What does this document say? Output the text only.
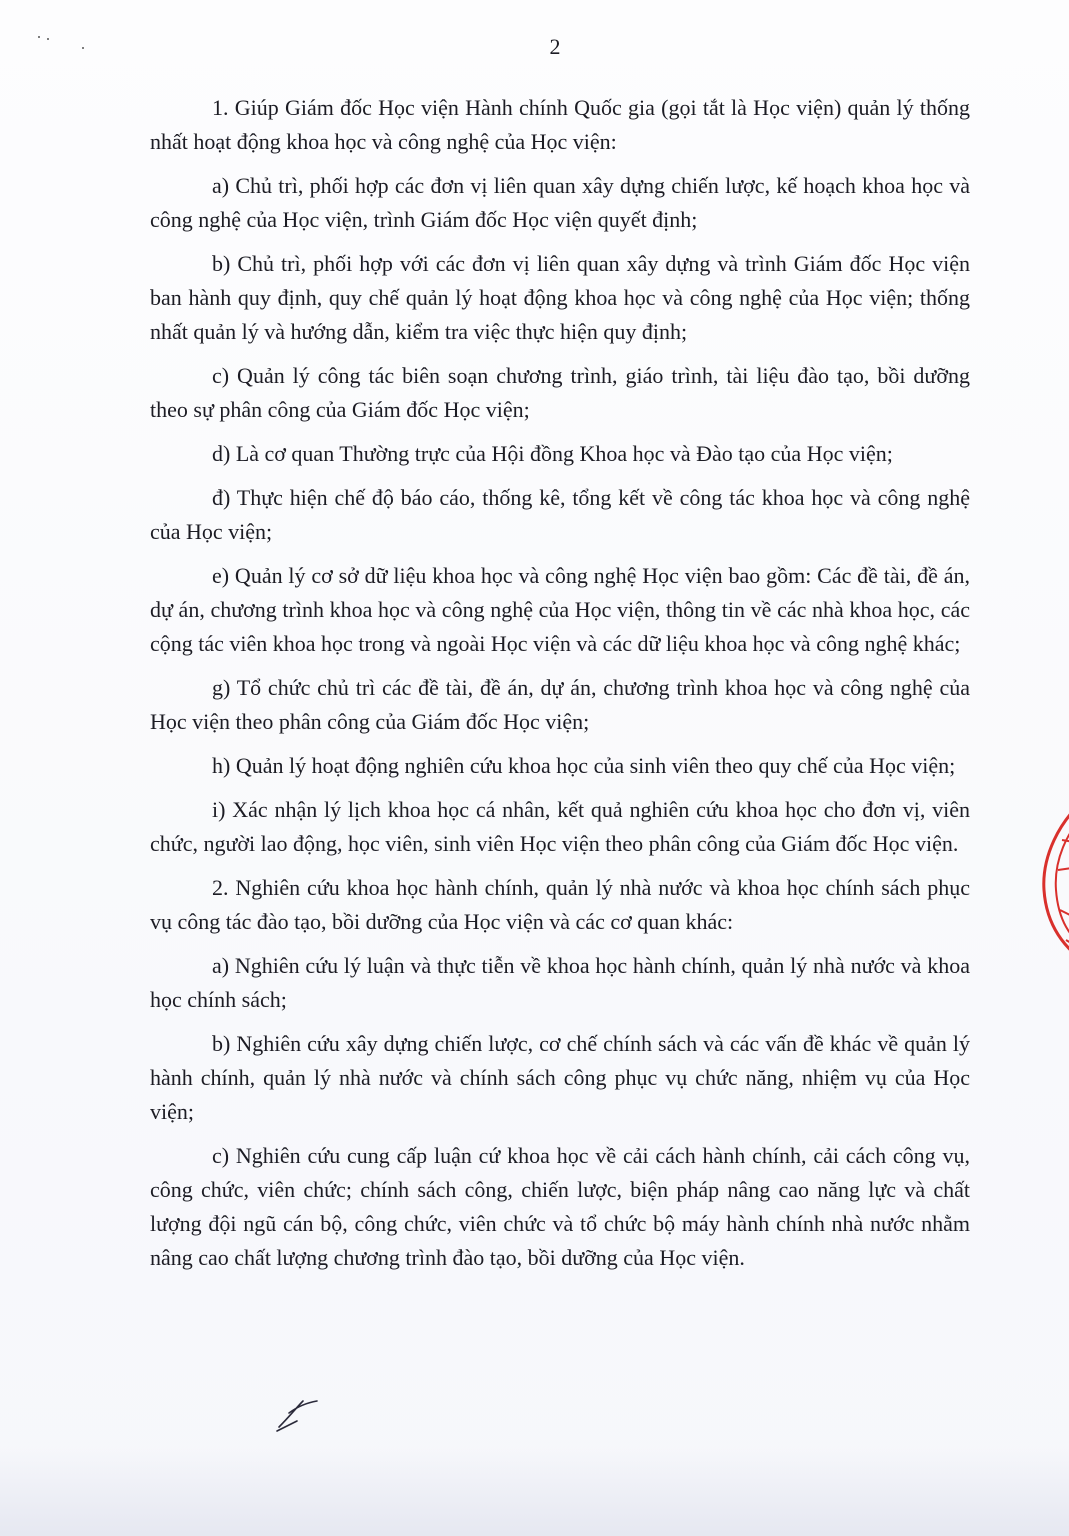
2

1. Giúp Giám đốc Học viện Hành chính Quốc gia (gọi tắt là Học viện) quản lý thống nhất hoạt động khoa học và công nghệ của Học viện:

a) Chủ trì, phối hợp các đơn vị liên quan xây dựng chiến lược, kế hoạch khoa học và công nghệ của Học viện, trình Giám đốc Học viện quyết định;

b) Chủ trì, phối hợp với các đơn vị liên quan xây dựng và trình Giám đốc Học viện ban hành quy định, quy chế quản lý hoạt động khoa học và công nghệ của Học viện; thống nhất quản lý và hướng dẫn, kiểm tra việc thực hiện quy định;

c) Quản lý công tác biên soạn chương trình, giáo trình, tài liệu đào tạo, bồi dưỡng theo sự phân công của Giám đốc Học viện;

d) Là cơ quan Thường trực của Hội đồng Khoa học và Đào tạo của Học viện;

đ) Thực hiện chế độ báo cáo, thống kê, tổng kết về công tác khoa học và công nghệ của Học viện;

e) Quản lý cơ sở dữ liệu khoa học và công nghệ Học viện bao gồm: Các đề tài, đề án, dự án, chương trình khoa học và công nghệ của Học viện, thông tin về các nhà khoa học, các cộng tác viên khoa học trong và ngoài Học viện và các dữ liệu khoa học và công nghệ khác;

g) Tổ chức chủ trì các đề tài, đề án, dự án, chương trình khoa học và công nghệ của Học viện theo phân công của Giám đốc Học viện;

h) Quản lý hoạt động nghiên cứu khoa học của sinh viên theo quy chế của Học viện;

i) Xác nhận lý lịch khoa học cá nhân, kết quả nghiên cứu khoa học cho đơn vị, viên chức, người lao động, học viên, sinh viên Học viện theo phân công của Giám đốc Học viện.

2. Nghiên cứu khoa học hành chính, quản lý nhà nước và khoa học chính sách phục vụ công tác đào tạo, bồi dưỡng của Học viện và các cơ quan khác:

a) Nghiên cứu lý luận và thực tiễn về khoa học hành chính, quản lý nhà nước và khoa học chính sách;

b) Nghiên cứu xây dựng chiến lược, cơ chế chính sách và các vấn đề khác về quản lý hành chính, quản lý nhà nước và chính sách công phục vụ chức năng, nhiệm vụ của Học viện;

c) Nghiên cứu cung cấp luận cứ khoa học về cải cách hành chính, cải cách công vụ, công chức, viên chức; chính sách công, chiến lược, biện pháp nâng cao năng lực và chất lượng đội ngũ cán bộ, công chức, viên chức và tổ chức bộ máy hành chính nhà nước nhằm nâng cao chất lượng chương trình đào tạo, bồi dưỡng của Học viện.
